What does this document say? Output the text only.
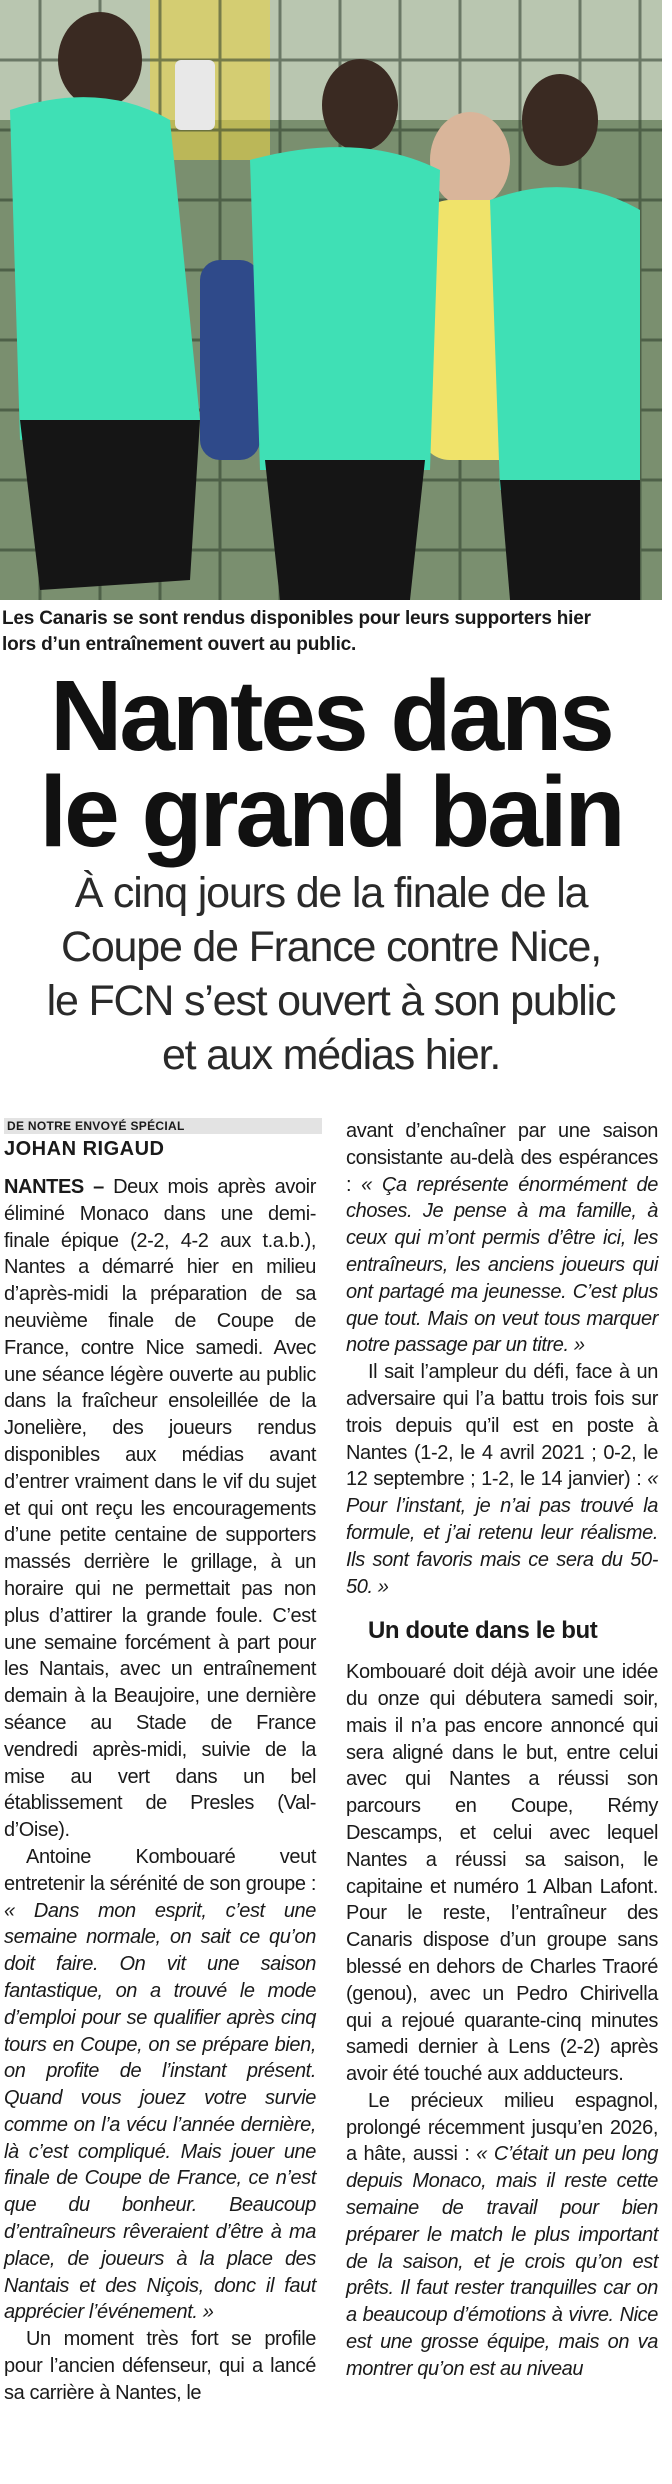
Les Canaris se sont rendus disponibles pour leurs supporters hier lors d’un entraînement ouvert au public.
Nantes dans
le grand bain
À cinq jours de la finale de la
Coupe de France contre Nice,
le FCN s’est ouvert à son public
et aux médias hier.
DE NOTRE ENVOYÉ SPÉCIAL
JOHAN RIGAUD

NANTES – Deux mois après avoir éliminé Monaco dans une demi-finale épique (2-2, 4-2 aux t.a.b.), Nantes a démarré hier en milieu d’après-midi la préparation de sa neuvième finale de Coupe de France, contre Nice samedi. Avec une séance légère ouverte au public dans la fraîcheur ensoleillée de la Jonelière, des joueurs rendus disponibles aux médias avant d’entrer vraiment dans le vif du sujet et qui ont reçu les encouragements d’une petite centaine de supporters massés derrière le grillage, à un horaire qui ne permettait pas non plus d’attirer la grande foule. C’est une semaine forcément à part pour les Nantais, avec un entraînement demain à la Beaujoire, une dernière séance au Stade de France vendredi après-midi, suivie de la mise au vert dans un bel établissement de Presles (Val-d’Oise).

Antoine Kombouaré veut entretenir la sérénité de son groupe : « Dans mon esprit, c’est une semaine normale, on sait ce qu’on doit faire. On vit une saison fantastique, on a trouvé le mode d’emploi pour se qualifier après cinq tours en Coupe, on se prépare bien, on profite de l’instant présent. Quand vous jouez votre survie comme on l’a vécu l’année dernière, là c’est compliqué. Mais jouer une finale de Coupe de France, ce n’est que du bonheur. Beaucoup d’entraîneurs rêveraient d’être à ma place, de joueurs à la place des Nantais et des Niçois, donc il faut apprécier l’événement. »

Un moment très fort se profile pour l’ancien défenseur, qui a lancé sa carrière à Nantes, le

avant d’enchaîner par une saison consistante au-delà des espérances : « Ça représente énormément de choses. Je pense à ma famille, à ceux qui m’ont permis d’être ici, les entraîneurs, les anciens joueurs qui ont partagé ma jeunesse. C’est plus que tout. Mais on veut tous marquer notre passage par un titre. »

Il sait l’ampleur du défi, face à un adversaire qui l’a battu trois fois sur trois depuis qu’il est en poste à Nantes (1-2, le 4 avril 2021 ; 0-2, le 12 septembre ; 1-2, le 14 janvier) : « Pour l’instant, je n’ai pas trouvé la formule, et j’ai retenu leur réalisme. Ils sont favoris mais ce sera du 50-50. »

Un doute dans le but

Kombouaré doit déjà avoir une idée du onze qui débutera samedi soir, mais il n’a pas encore annoncé qui sera aligné dans le but, entre celui avec qui Nantes a réussi son parcours en Coupe, Rémy Descamps, et celui avec lequel Nantes a réussi sa saison, le capitaine et numéro 1 Alban Lafont. Pour le reste, l’entraîneur des Canaris dispose d’un groupe sans blessé en dehors de Charles Traoré (genou), avec un Pedro Chirivella qui a rejoué quarante-cinq minutes samedi dernier à Lens (2-2) après avoir été touché aux adducteurs.

Le précieux milieu espagnol, prolongé récemment jusqu’en 2026, a hâte, aussi : « C’était un peu long depuis Monaco, mais il reste cette semaine de travail pour bien préparer le match le plus important de la saison, et je crois qu’on est prêts. Il faut rester tranquilles car on a beaucoup d’émotions à vivre. Nice est une grosse équipe, mais on va montrer qu’on est au niveau
